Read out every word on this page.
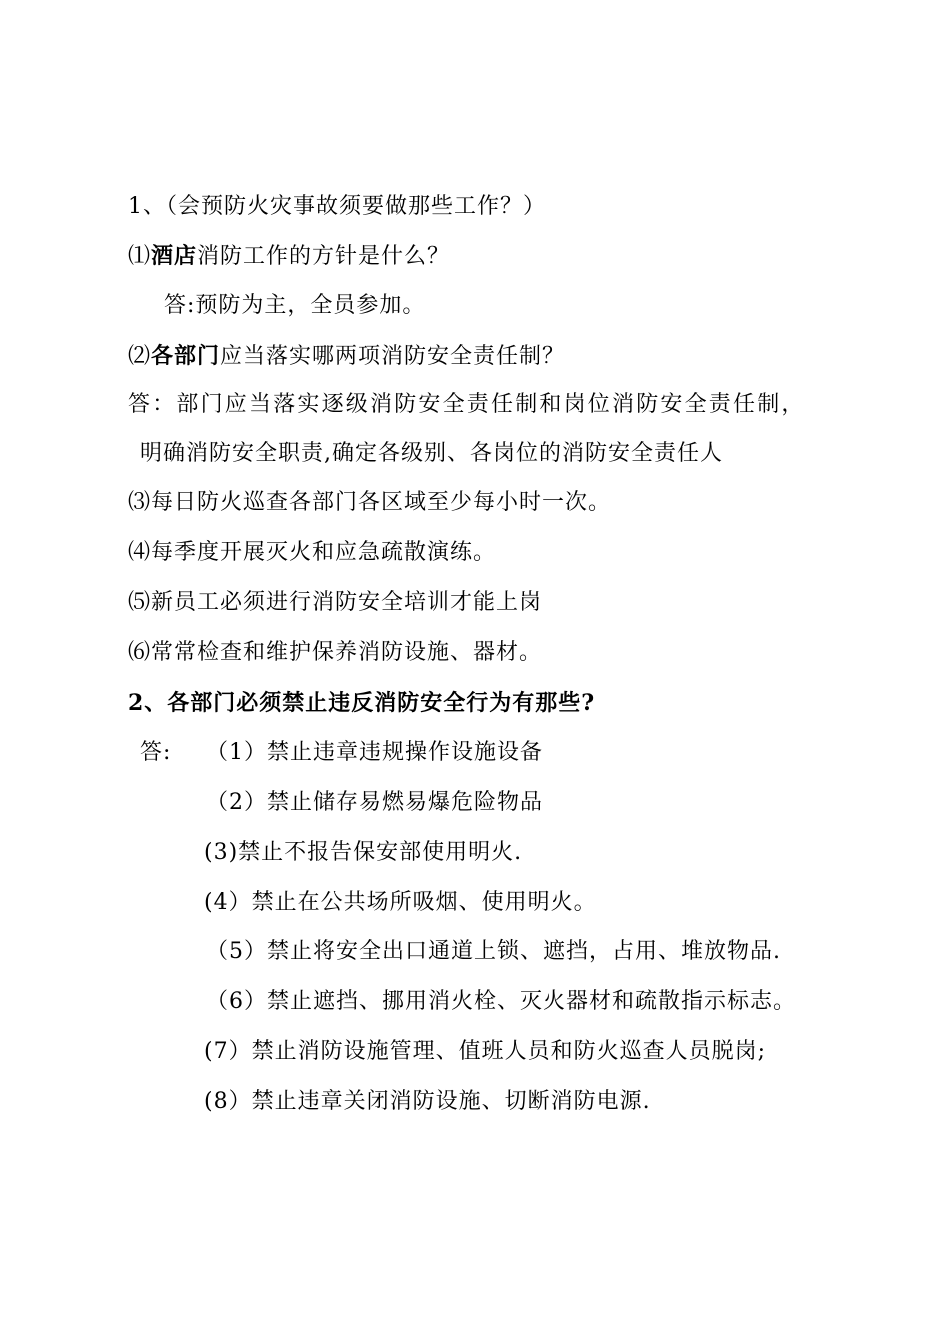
1、（会预防火灾事故须要做那些工作？）
⑴酒店消防工作的方针是什么？
答:预防为主，全员参加。
⑵各部门应当落实哪两项消防安全责任制？
答：部门应当落实逐级消防安全责任制和岗位消防安全责任制，
明确消防安全职责,确定各级别、各岗位的消防安全责任人
⑶每日防火巡查各部门各区域至少每小时一次。
⑷每季度开展灭火和应急疏散演练。
⑸新员工必须进行消防安全培训才能上岗
⑹常常检查和维护保养消防设施、器材。
2、各部门必须禁止违反消防安全行为有那些?
答: （1）禁止违章违规操作设施设备
（2）禁止储存易燃易爆危险物品
(3)禁止不报告保安部使用明火.
(4）禁止在公共场所吸烟、使用明火。
（5）禁止将安全出口通道上锁、遮挡，占用、堆放物品.
（6）禁止遮挡、挪用消火栓、灭火器材和疏散指示标志。
(7）禁止消防设施管理、值班人员和防火巡查人员脱岗;
(8）禁止违章关闭消防设施、切断消防电源.
